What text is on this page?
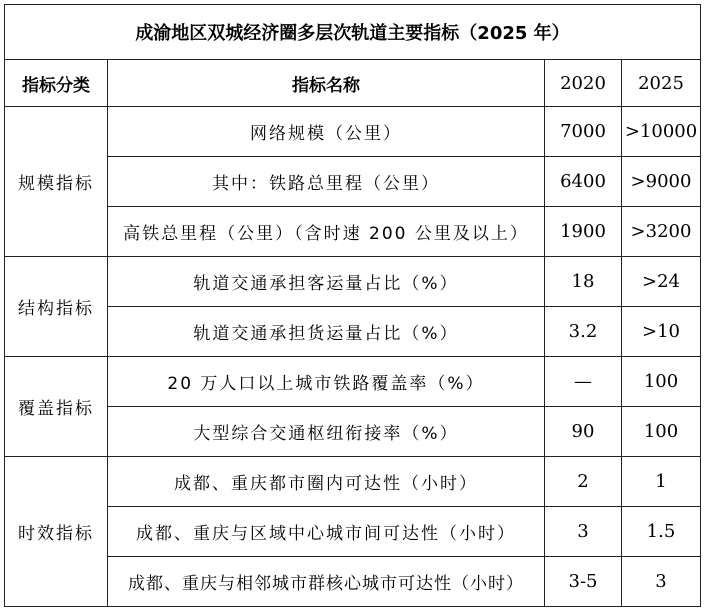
成渝地区双城经济圈多层次轨道主要指标（2025 年）			
指标分类	指标名称	2020	2025
规模指标	网络规模（公里）	7000	>10000
	其中：铁路总里程（公里）	6400	>9000
	高铁总里程（公里）（含时速 200 公里及以上）	1900	>3200
结构指标	轨道交通承担客运量占比（%）	18	>24
	轨道交通承担货运量占比（%）	3.2	>10
覆盖指标	20 万人口以上城市铁路覆盖率（%）	—	100
	大型综合交通枢纽衔接率（%）	90	100
时效指标	成都、重庆都市圈内可达性（小时）	2	1
	成都、重庆与区域中心城市间可达性（小时）	3	1.5
	成都、重庆与相邻城市群核心城市可达性（小时）	3-5	3
